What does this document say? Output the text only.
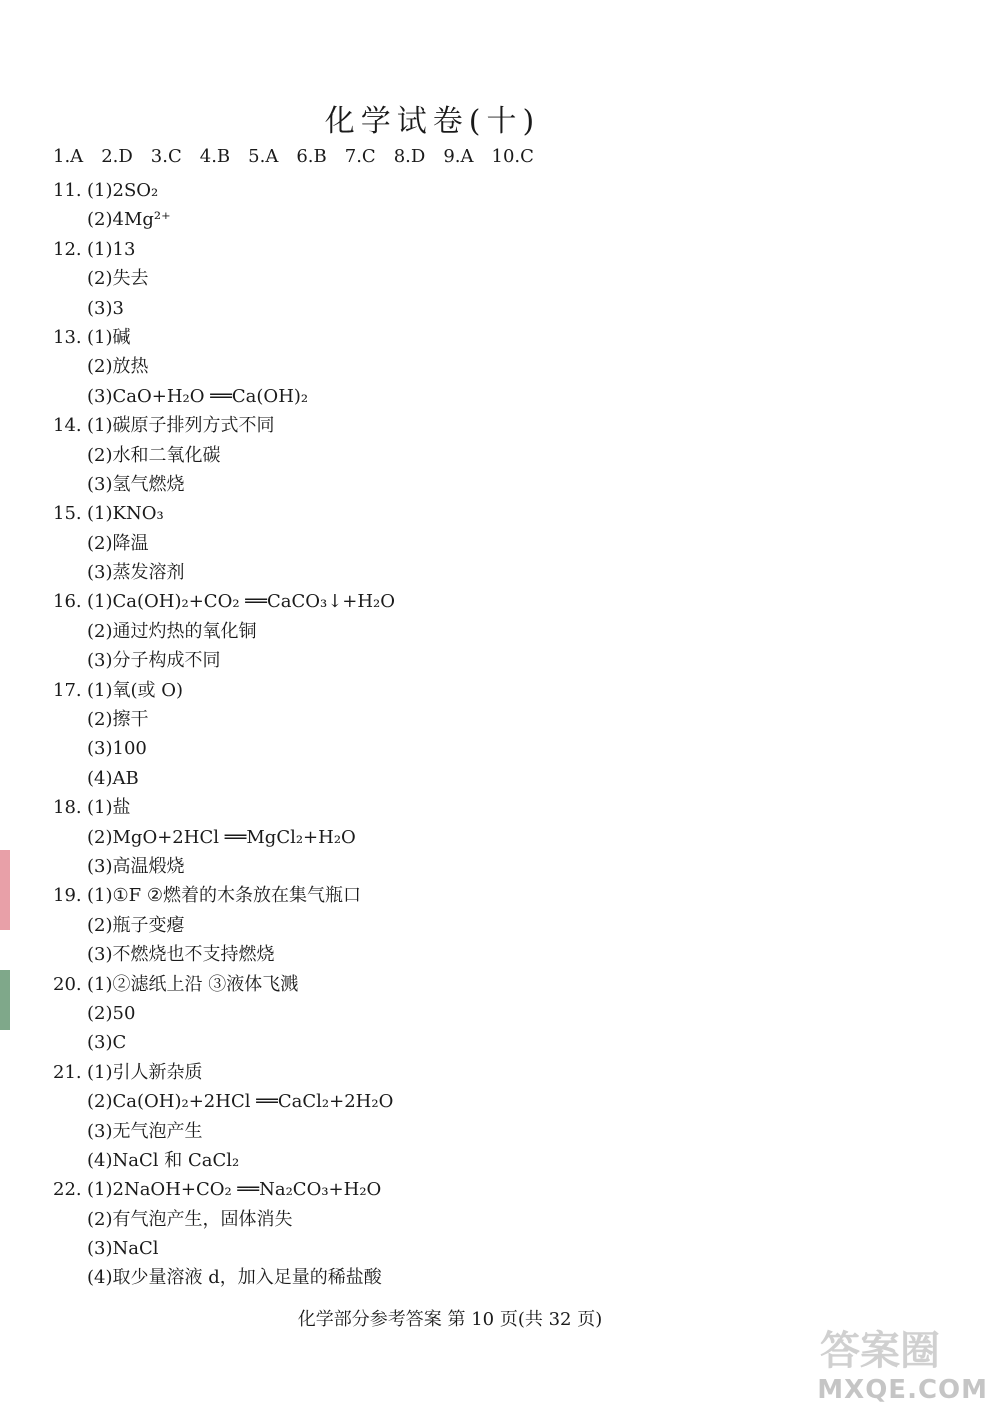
化学试卷(十)
1.A 2.D 3.C 4.B 5.A 6.B 7.C 8.D 9.A 10.C
11. (1)2SO₂
(2)4Mg²⁺
12. (1)13
(2)失去
(3)3
13. (1)碱
(2)放热
(3)CaO+H₂O ══Ca(OH)₂
14. (1)碳原子排列方式不同
(2)水和二氧化碳
(3)氢气燃烧
15. (1)KNO₃
(2)降温
(3)蒸发溶剂
16. (1)Ca(OH)₂+CO₂ ══CaCO₃↓+H₂O
(2)通过灼热的氧化铜
(3)分子构成不同
17. (1)氧(或 O)
(2)擦干
(3)100
(4)AB
18. (1)盐
(2)MgO+2HCl ══MgCl₂+H₂O
(3)高温煅烧
19. (1)①F ②燃着的木条放在集气瓶口
(2)瓶子变瘪
(3)不燃烧也不支持燃烧
20. (1)②滤纸上沿 ③液体飞溅
(2)50
(3)C
21. (1)引人新杂质
(2)Ca(OH)₂+2HCl ══CaCl₂+2H₂O
(3)无气泡产生
(4)NaCl 和 CaCl₂
22. (1)2NaOH+CO₂ ══Na₂CO₃+H₂O
(2)有气泡产生，固体消失
(3)NaCl
(4)取少量溶液 d，加入足量的稀盐酸
化学部分参考答案 第 10 页(共 32 页)
答案圈
MXQE.COM
